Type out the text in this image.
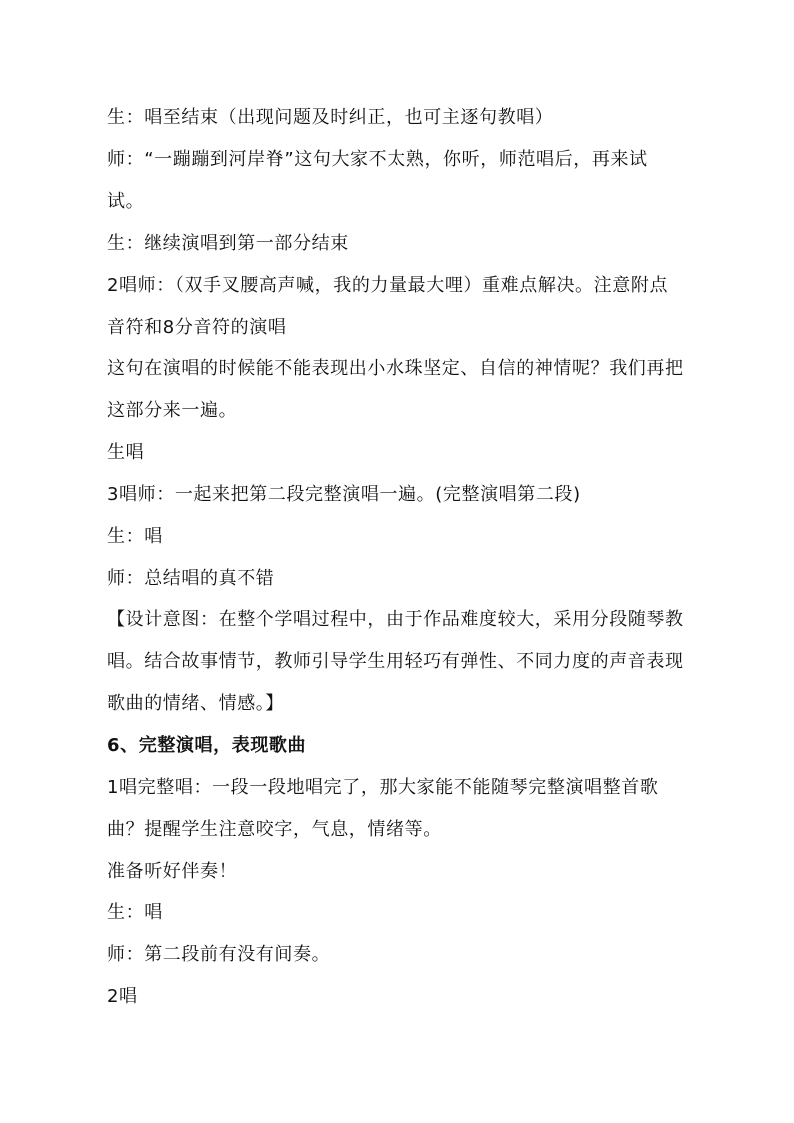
生：唱至结束（出现问题及时纠正，也可主逐句教唱）
师：“一蹦蹦到河岸脊”这句大家不太熟，你听，师范唱后，再来试
试。
生：继续演唱到第一部分结束
2唱师：（双手叉腰高声喊，我的力量最大哩）重难点解决。注意附点
音符和8分音符的演唱
这句在演唱的时候能不能表现出小水珠坚定、自信的神情呢？我们再把
这部分来一遍。
生唱
3唱师：一起来把第二段完整演唱一遍。(完整演唱第二段)
生：唱
师：总结唱的真不错
【设计意图：在整个学唱过程中，由于作品难度较大，采用分段随琴教
唱。结合故事情节，教师引导学生用轻巧有弹性、不同力度的声音表现
歌曲的情绪、情感。】
6、完整演唱，表现歌曲
1唱完整唱：一段一段地唱完了，那大家能不能随琴完整演唱整首歌
曲？提醒学生注意咬字，气息，情绪等。
准备听好伴奏！
生：唱
师：第二段前有没有间奏。
2唱
